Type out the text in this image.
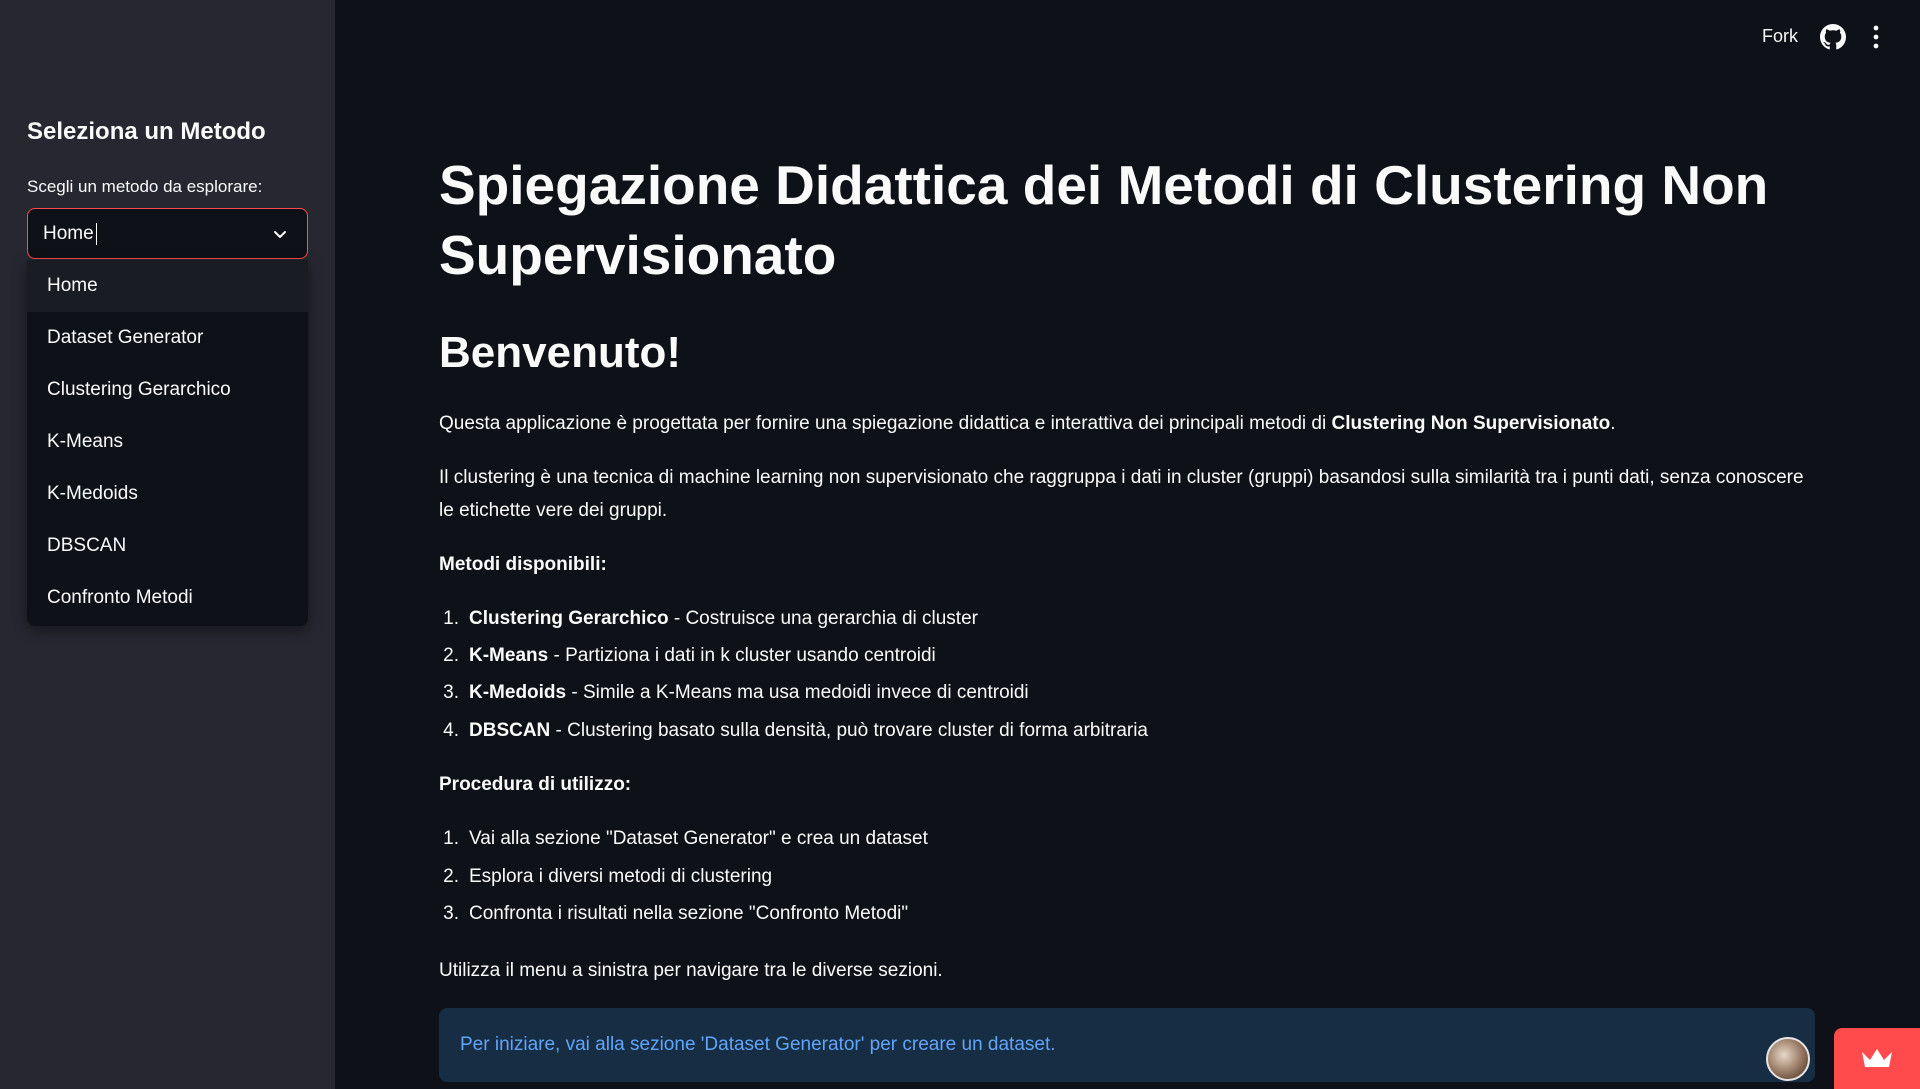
Seleziona un Metodo
Scegli un metodo da esplorare:
Home
Home
Dataset Generator
Clustering Gerarchico
K-Means
K-Medoids
DBSCAN
Confronto Metodi
Fork
Spiegazione Didattica dei Metodi di Clustering Non Supervisionato
Benvenuto!

Questa applicazione è progettata per fornire una spiegazione didattica e interattiva dei principali metodi di Clustering Non Supervisionato.

Il clustering è una tecnica di machine learning non supervisionato che raggruppa i dati in cluster (gruppi) basandosi sulla similarità tra i punti dati, senza conoscere le etichette vere dei gruppi.

Metodi disponibili:

1. Clustering Gerarchico - Costruisce una gerarchia di cluster
2. K-Means - Partiziona i dati in k cluster usando centroidi
3. K-Medoids - Simile a K-Means ma usa medoidi invece di centroidi
4. DBSCAN - Clustering basato sulla densità, può trovare cluster di forma arbitraria

Procedura di utilizzo:

1. Vai alla sezione "Dataset Generator" e crea un dataset
2. Esplora i diversi metodi di clustering
3. Confronta i risultati nella sezione "Confronto Metodi"

Utilizza il menu a sinistra per navigare tra le diverse sezioni.

Per iniziare, vai alla sezione 'Dataset Generator' per creare un dataset.
